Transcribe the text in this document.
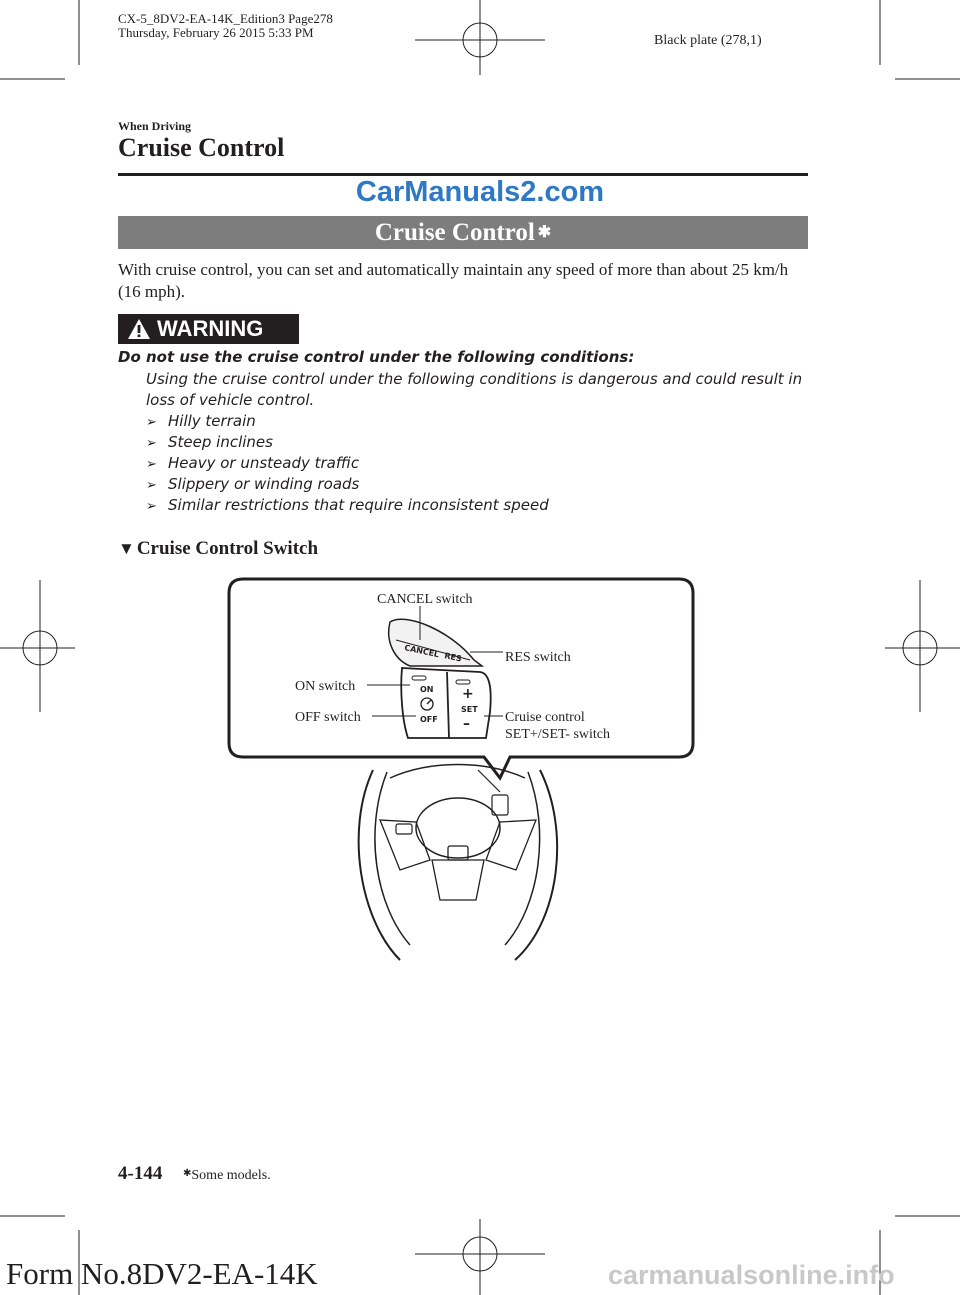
CX-5_8DV2-EA-14K_Edition3 Page278
Thursday, February 26 2015 5:33 PM
Black plate (278,1)
When Driving
Cruise Control
CarManuals2.com
Cruise Control ✱
With cruise control, you can set and automatically maintain any speed of more than about 25 km/h (16 mph).
WARNING
Do not use the cruise control under the following conditions:
Using the cruise control under the following conditions is dangerous and could result in loss of vehicle control.
➢ Hilly terrain
➢ Steep inclines
➢ Heavy or unsteady traffic
➢ Slippery or winding roads
➢ Similar restrictions that require inconsistent speed
▼ Cruise Control Switch
CANCEL RES
ON
OFF
+
SET
–
CANCEL switch
RES switch
ON switch
OFF switch	Cruise control
SET+/SET- switch
4-144 ✱Some models.
Form No.8DV2-EA-14K	carmanualsonline.info
